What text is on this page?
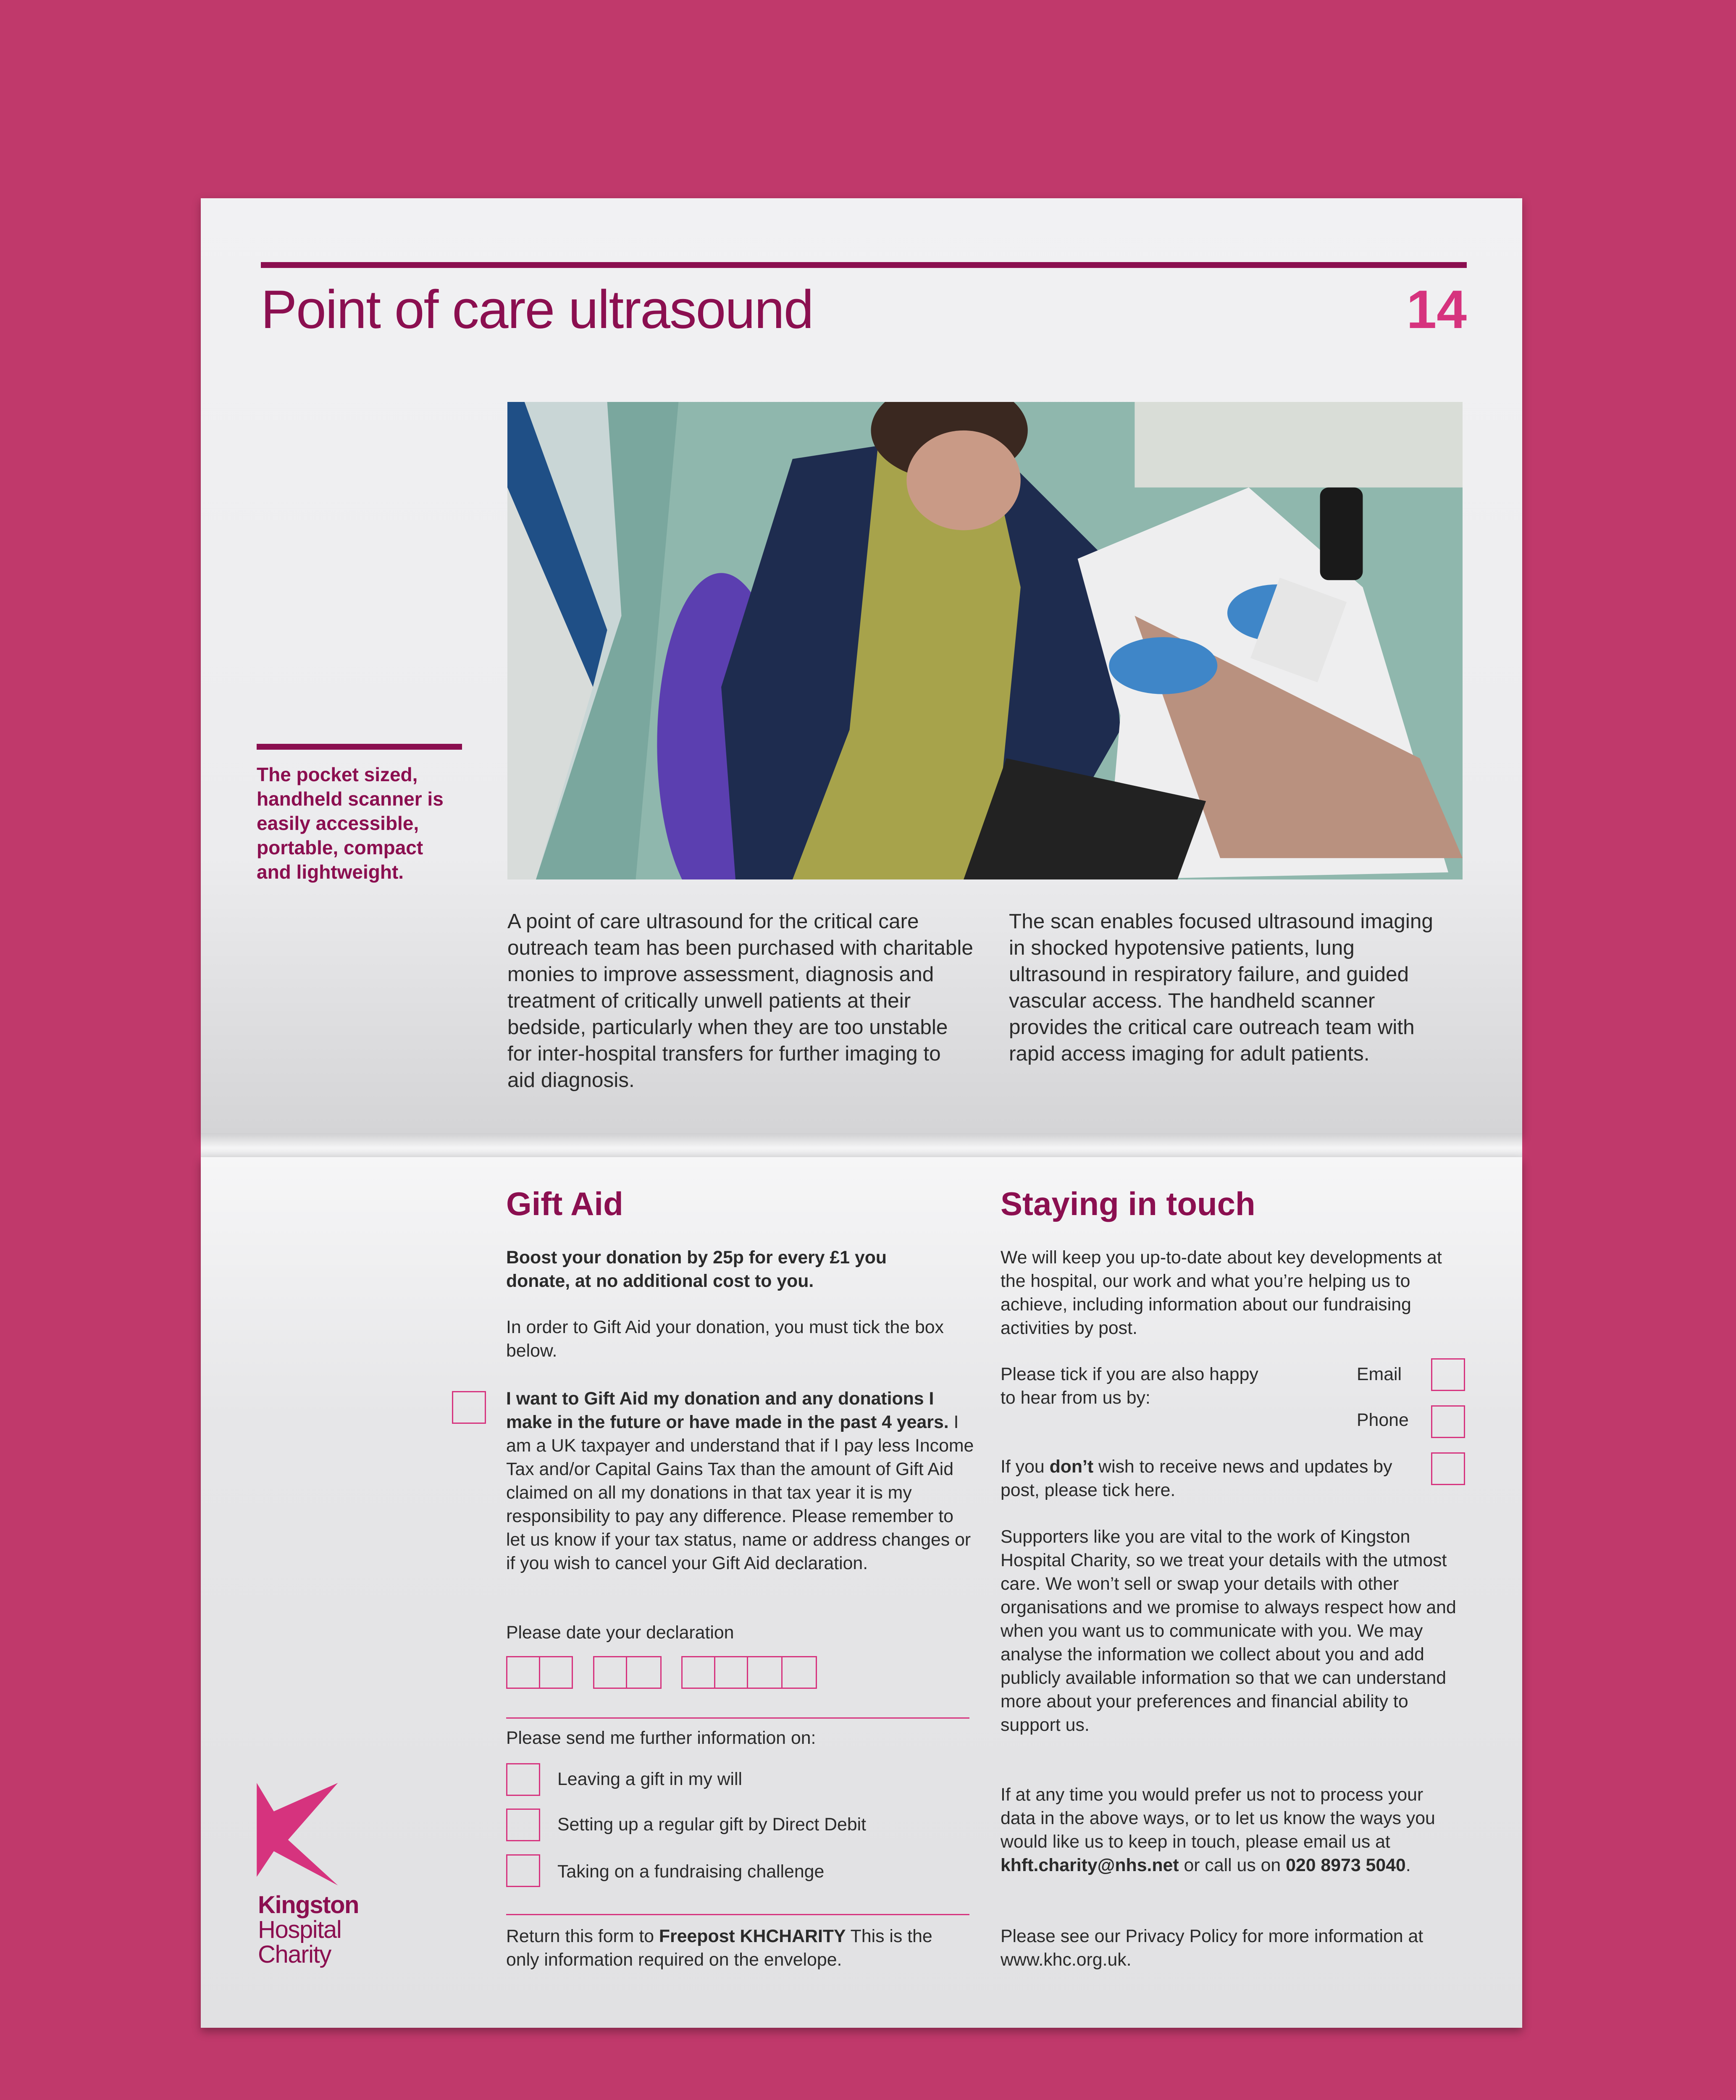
Point of care ultrasound	14
The pocket sized, handheld scanner is easily accessible, portable, compact and lightweight.
A point of care ultrasound for the critical care outreach team has been purchased with charitable monies to improve assessment, diagnosis and treatment of critically unwell patients at their bedside, particularly when they are too unstable for inter-hospital transfers for further imaging to aid diagnosis.
The scan enables focused ultrasound imaging in shocked hypotensive patients, lung ultrasound in respiratory failure, and guided vascular access. The handheld scanner provides the critical care outreach team with rapid access imaging for adult patients.
Gift Aid
Boost your donation by 25p for every £1 you donate, at no additional cost to you.
In order to Gift Aid your donation, you must tick the box below.
I want to Gift Aid my donation and any donations I make in the future or have made in the past 4 years. I am a UK taxpayer and understand that if I pay less Income Tax and/or Capital Gains Tax than the amount of Gift Aid claimed on all my donations in that tax year it is my responsibility to pay any difference. Please remember to let us know if your tax status, name or address changes or if you wish to cancel your Gift Aid declaration.
Please date your declaration
Please send me further information on:
Leaving a gift in my will
Setting up a regular gift by Direct Debit
Taking on a fundraising challenge
Return this form to Freepost KHCHARITY This is the only information required on the envelope.
Kingston
Hospital
Charity
Staying in touch
We will keep you up-to-date about key developments at the hospital, our work and what you’re helping us to achieve, including information about our fundraising activities by post.
Please tick if you are also happy to hear from us by:
Email
Phone
If you don’t wish to receive news and updates by post, please tick here.
Supporters like you are vital to the work of Kingston Hospital Charity, so we treat your details with the utmost care. We won’t sell or swap your details with other organisations and we promise to always respect how and when you want us to communicate with you. We may analyse the information we collect about you and add publicly available information so that we can understand more about your preferences and financial ability to support us.
If at any time you would prefer us not to process your data in the above ways, or to let us know the ways you would like us to keep in touch, please email us at khft.charity@nhs.net or call us on 020 8973 5040.
Please see our Privacy Policy for more information at www.khc.org.uk.
